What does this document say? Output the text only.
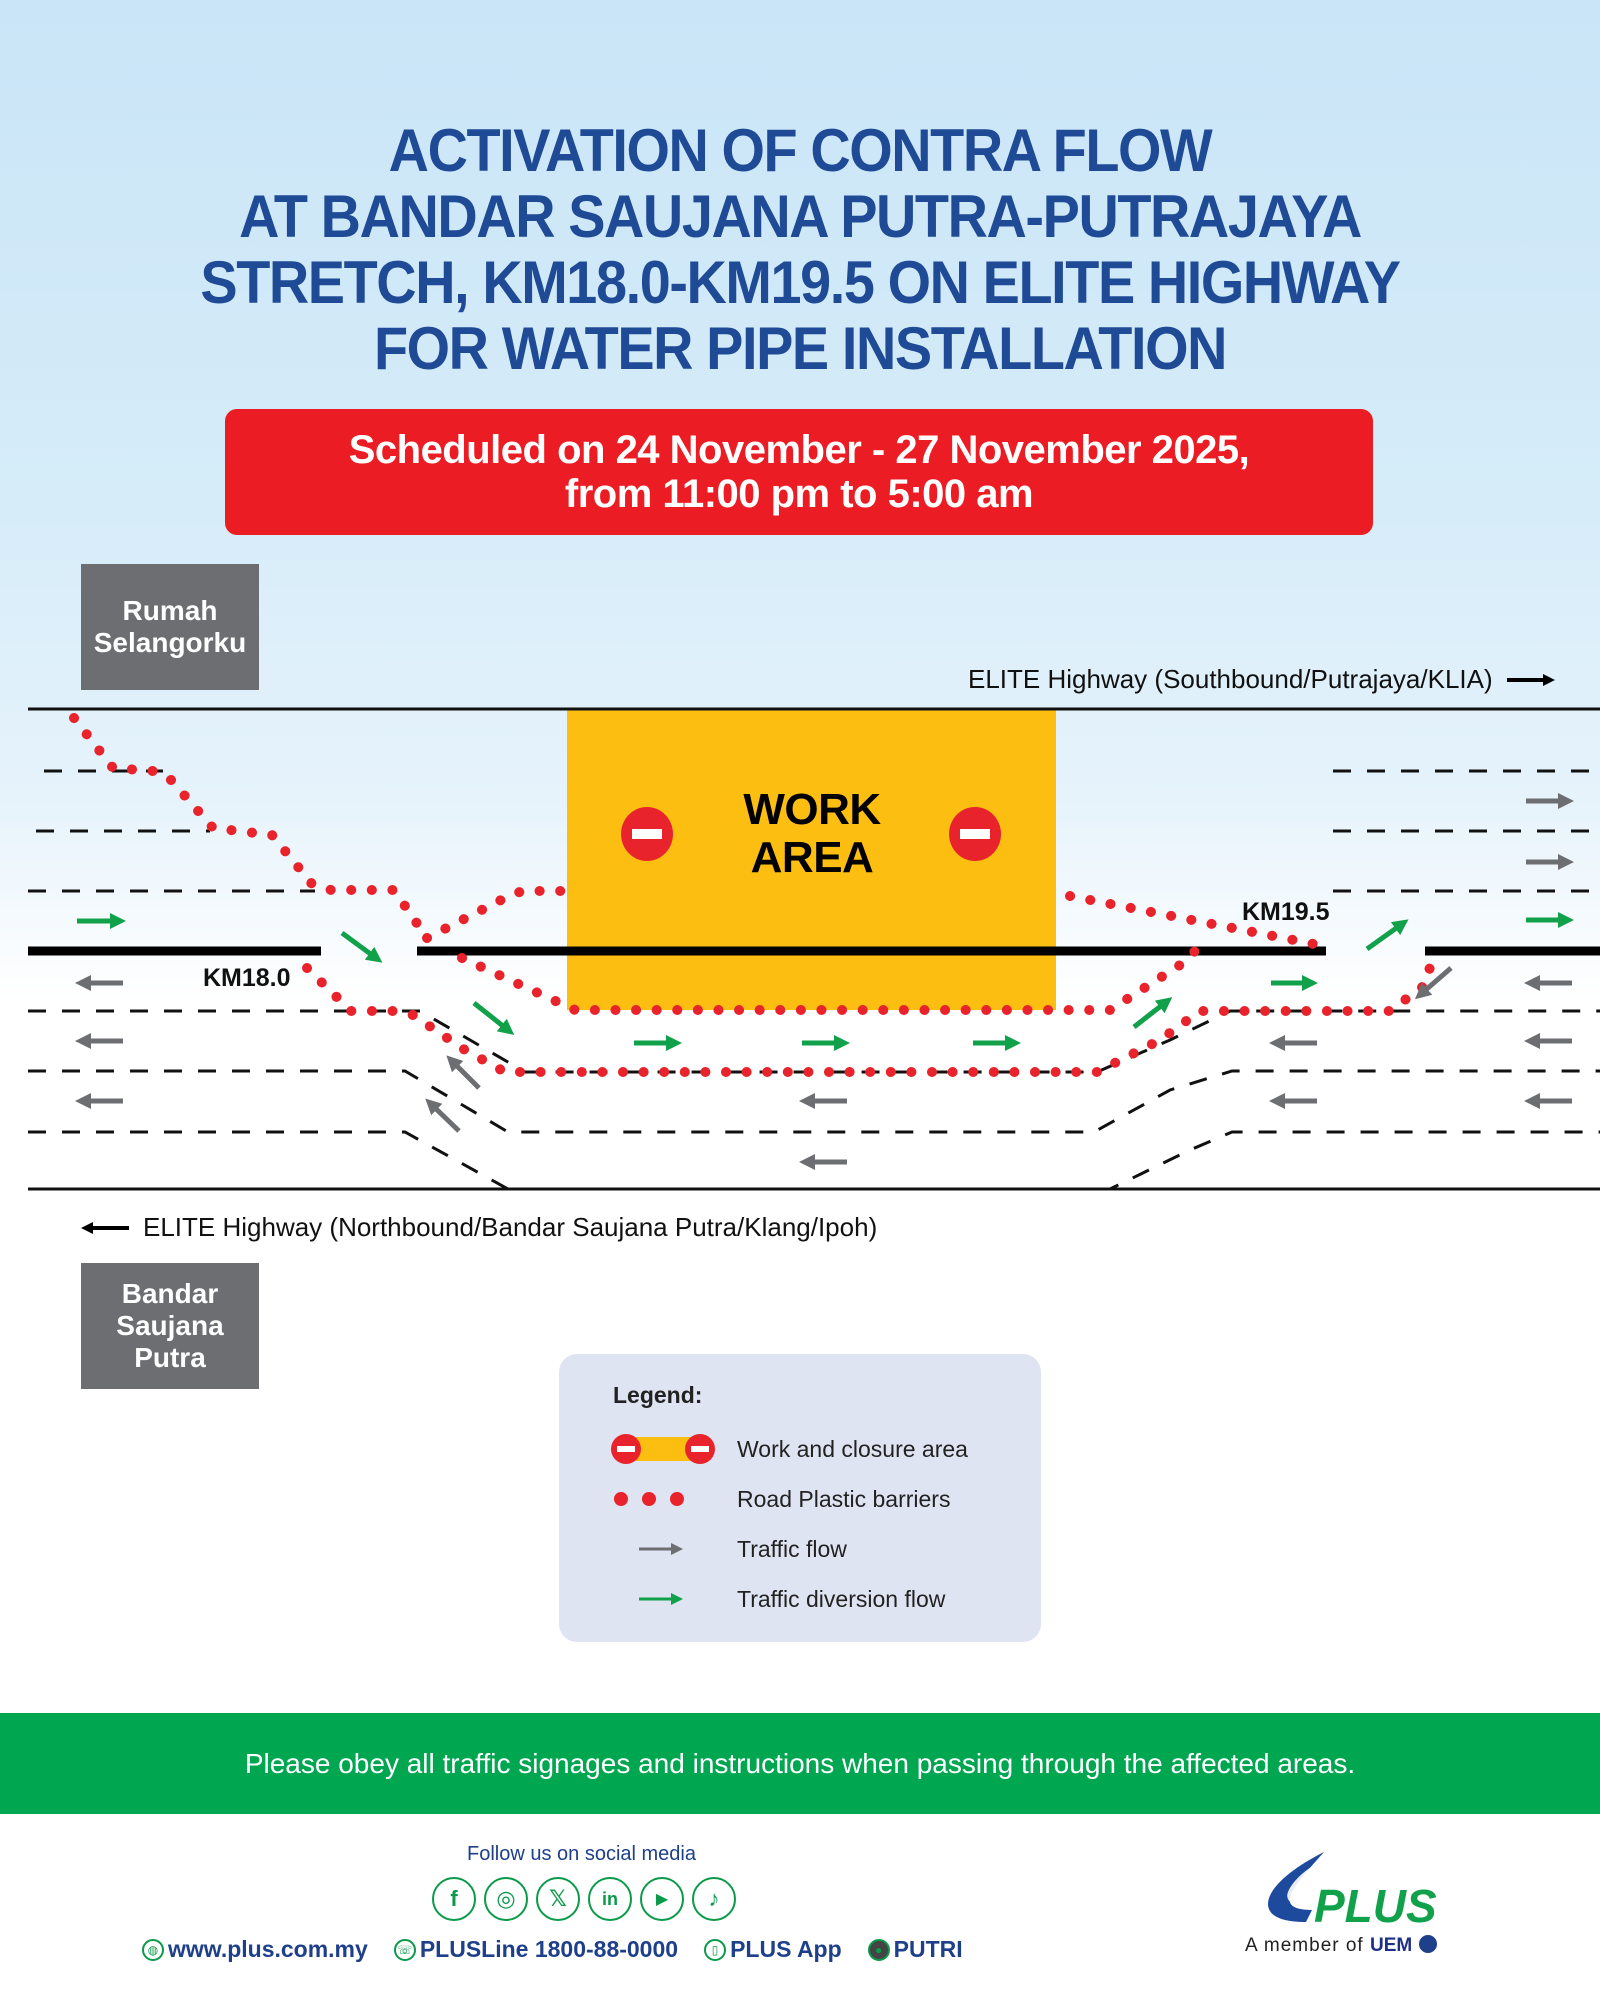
ACTIVATION OF CONTRA FLOW
AT BANDAR SAUJANA PUTRA-PUTRAJAYA
STRETCH, KM18.0-KM19.5 ON ELITE HIGHWAY
FOR WATER PIPE INSTALLATION
Scheduled on 24 November - 27 November 2025,
from 11:00 pm to 5:00 am
Rumah
Selangorku
Bandar
Saujana
Putra
ELITE Highway (Southbound/Putrajaya/KLIA)
ELITE Highway (Northbound/Bandar Saujana Putra/Klang/Ipoh)
WORK
AREA
KM18.0
KM19.5
Legend:
Work and closure area
Road Plastic barriers
Traffic flow
Traffic diversion flow
Please obey all traffic signages and instructions when passing through the affected areas.
Follow us on social media
f	◎	𝕏	in	▶	♪
◍ www.plus.com.my ☏ PLUSLine 1800-88-0000	▯ PLUS App	● PUTRI
PLUS
A member of UEM
